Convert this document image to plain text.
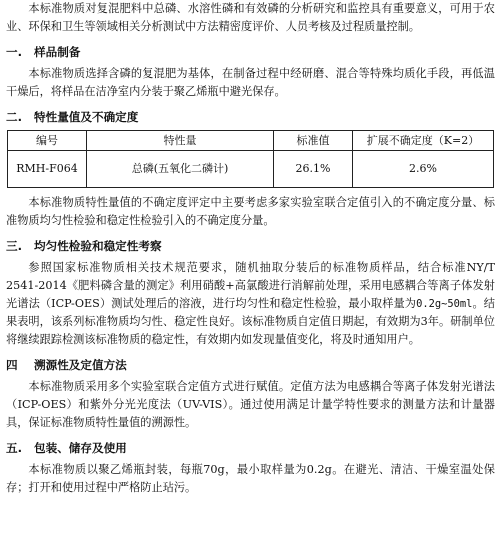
本标准物质对复混肥料中总磷、水溶性磷和有效磷的分析研究和监控具有重要意义，可用于农业、环保和卫生等领域相关分析测试中方法精密度评价、人员考核及过程质量控制。

一. 样品制备

本标准物质选择含磷的复混肥为基体，在制备过程中经研磨、混合等特殊均质化手段，再低温干燥后，将样品在洁净室内分装于聚乙烯瓶中避光保存。

二. 特性量值及不确定度
编号	特性量	标准值	扩展不确定度（K=2）
RMH-F064	总磷(五氧化二磷计)	26.1%	2.6%

本标准物质特性量值的不确定度评定中主要考虑多家实验室联合定值引入的不确定度分量、标准物质均匀性检验和稳定性检验引入的不确定度分量。

三. 均匀性检验和稳定性考察

参照国家标准物质相关技术规范要求，随机抽取分装后的标准物质样品，结合标准NY/T 2541-2014《肥料磷含量的测定》利用硝酸+高氯酸进行消解前处理，采用电感耦合等离子体发射光谱法（ICP-OES）测试处理后的溶液，进行均匀性和稳定性检验，最小取样量为0.2g~50ml。结果表明，该系列标准物质均匀性、稳定性良好。该标准物质自定值日期起，有效期为3年。研制单位将继续跟踪检测该标准物质的稳定性，有效期内如发现量值变化，将及时通知用户。

四 溯源性及定值方法

本标准物质采用多个实验室联合定值方式进行赋值。定值方法为电感耦合等离子体发射光谱法（ICP-OES）和紫外分光光度法（UV-VIS）。通过使用满足计量学特性要求的测量方法和计量器具，保证标准物质特性量值的溯源性。

五. 包装、储存及使用

本标准物质以聚乙烯瓶封装，每瓶70g，最小取样量为0.2g。在避光、清洁、干燥室温处保存；打开和使用过程中严格防止玷污。
